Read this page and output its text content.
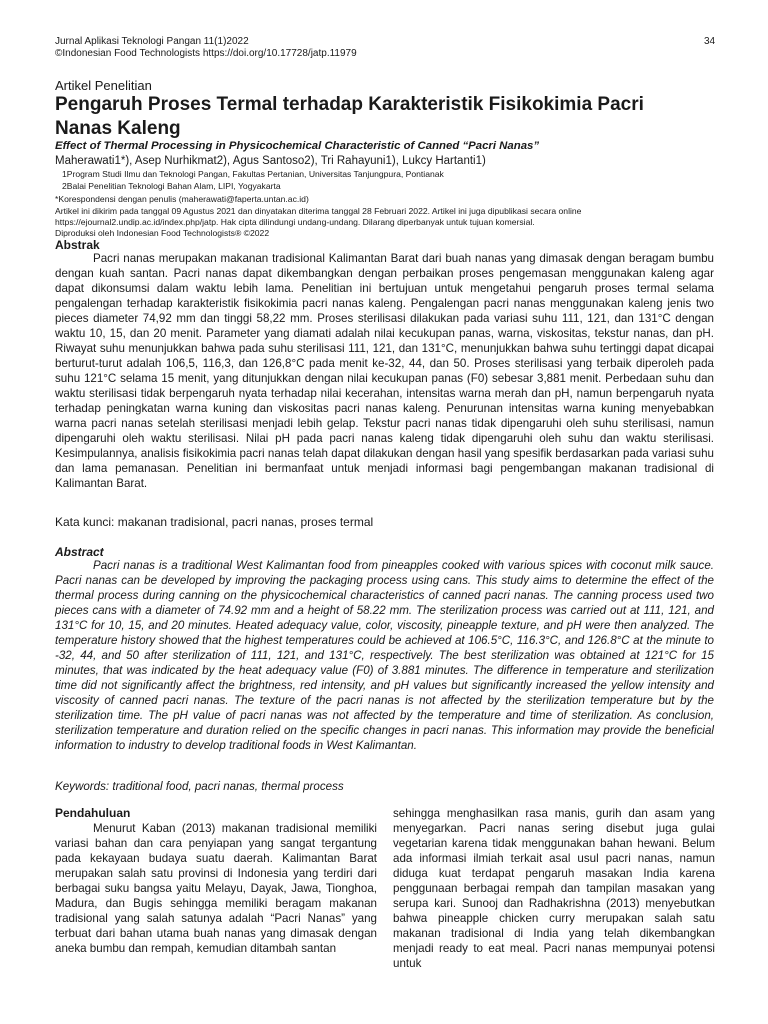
Jurnal Aplikasi Teknologi Pangan 11(1)2022
©Indonesian Food Technologists https://doi.org/10.17728/jatp.11979
34
Artikel Penelitian
Pengaruh Proses Termal terhadap Karakteristik Fisikokimia Pacri
Nanas Kaleng
Effect of Thermal Processing in Physicochemical Characteristic of Canned “Pacri Nanas”
Maherawati1*), Asep Nurhikmat2), Agus Santoso2), Tri Rahayuni1), Lukcy Hartanti1)
1Program Studi Ilmu dan Teknologi Pangan, Fakultas Pertanian, Universitas Tanjungpura, Pontianak
2Balai Penelitian Teknologi Bahan Alam, LIPI, Yogyakarta
*Korespondensi dengan penulis (maherawati@faperta.untan.ac.id)
Artikel ini dikirim pada tanggal 09 Agustus 2021 dan dinyatakan diterima tanggal 28 Februari 2022. Artikel ini juga dipublikasi secara online
https://ejournal2.undip.ac.id/index.php/jatp. Hak cipta dilindungi undang-undang. Dilarang diperbanyak untuk tujuan komersial.
Diproduksi oleh Indonesian Food Technologists® ©2022
Abstrak
Pacri nanas merupakan makanan tradisional Kalimantan Barat dari buah nanas yang dimasak dengan beragam bumbu dengan kuah santan. Pacri nanas dapat dikembangkan dengan perbaikan proses pengemasan menggunakan kaleng agar dapat dikonsumsi dalam waktu lebih lama. Penelitian ini bertujuan untuk mengetahui pengaruh proses termal selama pengalengan terhadap karakteristik fisikokimia pacri nanas kaleng. Pengalengan pacri nanas menggunakan kaleng jenis two pieces diameter 74,92 mm dan tinggi 58,22 mm. Proses sterilisasi dilakukan pada variasi suhu 111, 121, dan 131°C dengan waktu 10, 15, dan 20 menit. Parameter yang diamati adalah nilai kecukupan panas, warna, viskositas, tekstur nanas, dan pH. Riwayat suhu menunjukkan bahwa pada suhu sterilisasi 111, 121, dan 131°C, menunjukkan bahwa suhu tertinggi dapat dicapai berturut-turut adalah 106,5, 116,3, dan 126,8°C pada menit ke-32, 44, dan 50. Proses sterilisasi yang terbaik diperoleh pada suhu 121°C selama 15 menit, yang ditunjukkan dengan nilai kecukupan panas (F0) sebesar 3,881 menit. Perbedaan suhu dan waktu sterilisasi tidak berpengaruh nyata terhadap nilai kecerahan, intensitas warna merah dan pH, namun berpengaruh nyata terhadap peningkatan warna kuning dan viskositas pacri nanas kaleng. Penurunan intensitas warna kuning menyebabkan warna pacri nanas setelah sterilisasi menjadi lebih gelap. Tekstur pacri nanas tidak dipengaruhi oleh suhu sterilisasi, namun dipengaruhi oleh waktu sterilisasi. Nilai pH pada pacri nanas kaleng tidak dipengaruhi oleh suhu dan waktu sterilisasi. Kesimpulannya, analisis fisikokimia pacri nanas telah dapat dilakukan dengan hasil yang spesifik berdasarkan pada variasi suhu dan lama pemanasan. Penelitian ini bermanfaat untuk menjadi informasi bagi pengembangan makanan tradisional di Kalimantan Barat.
Kata kunci: makanan tradisional, pacri nanas, proses termal
Abstract
Pacri nanas is a traditional West Kalimantan food from pineapples cooked with various spices with coconut milk sauce. Pacri nanas can be developed by improving the packaging process using cans. This study aims to determine the effect of the thermal process during canning on the physicochemical characteristics of canned pacri nanas. The canning process used two pieces cans with a diameter of 74.92 mm and a height of 58.22 mm. The sterilization process was carried out at 111, 121, and 131°C for 10, 15, and 20 minutes. Heated adequacy value, color, viscosity, pineapple texture, and pH were then analyzed. The temperature history showed that the highest temperatures could be achieved at 106.5°C, 116.3°C, and 126.8°C at the minute to -32, 44, and 50 after sterilization of 111, 121, and 131°C, respectively. The best sterilization was obtained at 121°C for 15 minutes, that was indicated by the heat adequacy value (F0) of 3.881 minutes. The difference in temperature and sterilization time did not significantly affect the brightness, red intensity, and pH values but significantly increased the yellow intensity and viscosity of canned pacri nanas. The texture of the pacri nanas is not affected by the sterilization temperature but by the sterilization time. The pH value of pacri nanas was not affected by the temperature and time of sterilization. As conclusion, sterilization temperature and duration relied on the specific changes in pacri nanas. This information may provide the beneficial information to industry to develop traditional foods in West Kalimantan.
Keywords: traditional food, pacri nanas, thermal process
Pendahuluan
Menurut Kaban (2013) makanan tradisional memiliki variasi bahan dan cara penyiapan yang sangat tergantung pada kekayaan budaya suatu daerah. Kalimantan Barat merupakan salah satu provinsi di Indonesia yang terdiri dari berbagai suku bangsa yaitu Melayu, Dayak, Jawa, Tionghoa, Madura, dan Bugis sehingga memiliki beragam makanan tradisional yang salah satunya adalah “Pacri Nanas” yang terbuat dari bahan utama buah nanas yang dimasak dengan aneka bumbu dan rempah, kemudian ditambah santan
sehingga menghasilkan rasa manis, gurih dan asam yang menyegarkan. Pacri nanas sering disebut juga gulai vegetarian karena tidak menggunakan bahan hewani. Belum ada informasi ilmiah terkait asal usul pacri nanas, namun diduga kuat terdapat pengaruh masakan India karena penggunaan berbagai rempah dan tampilan masakan yang serupa kari. Sunooj dan Radhakrishna (2013) menyebutkan bahwa pineapple chicken curry merupakan salah satu makanan tradisional di India yang telah dikembangkan menjadi ready to eat meal. Pacri nanas mempunyai potensi untuk
